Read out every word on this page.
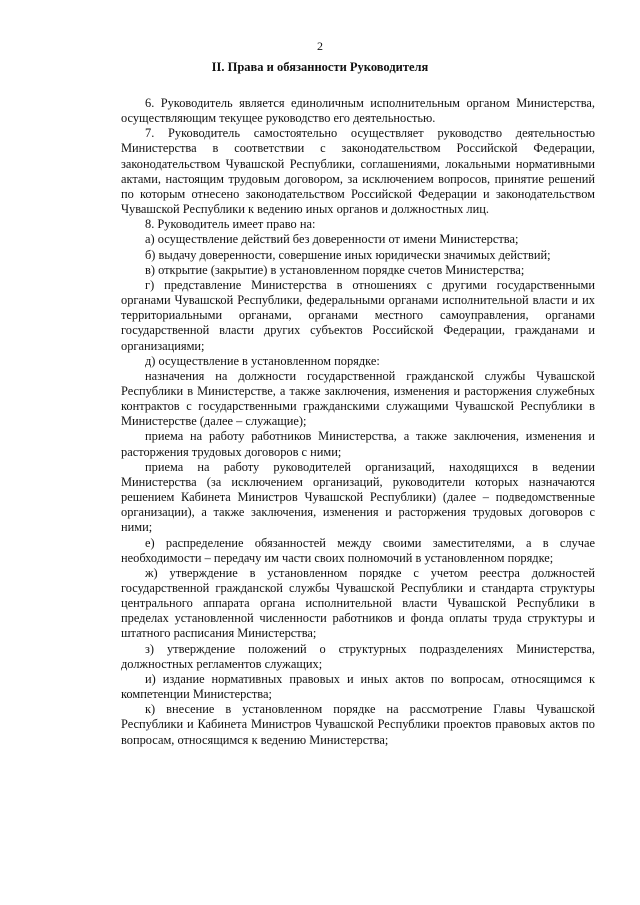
2
II. Права и обязанности Руководителя

6. Руководитель является единоличным исполнительным органом Министерства, осуществляющим текущее руководство его деятельностью.

7. Руководитель самостоятельно осуществляет руководство деятельностью Министерства в соответствии с законодательством Российской Федерации, законодательством Чувашской Республики, соглашениями, локальными нормативными актами, настоящим трудовым договором, за исключением вопросов, принятие решений по которым отнесено законодательством Российской Федерации и законодательством Чувашской Республики к ведению иных органов и должностных лиц.

8. Руководитель имеет право на:

а) осуществление действий без доверенности от имени Министерства;

б) выдачу доверенности, совершение иных юридически значимых действий;

в) открытие (закрытие) в установленном порядке счетов Министерства;

г) представление Министерства в отношениях с другими государственными органами Чувашской Республики, федеральными органами исполнительной власти и их территориальными органами, органами местного самоуправления, органами государственной власти других субъектов Российской Федерации, гражданами и организациями;

д) осуществление в установленном порядке:

назначения на должности государственной гражданской службы Чувашской Республики в Министерстве, а также заключения, изменения и расторжения служебных контрактов с государственными гражданскими служащими Чувашской Республики в Министерстве (далее – служащие);

приема на работу работников Министерства, а также заключения, изменения и расторжения трудовых договоров с ними;

приема на работу руководителей организаций, находящихся в ведении Министерства (за исключением организаций, руководители которых назначаются решением Кабинета Министров Чувашской Республики) (далее – подведомственные организации), а также заключения, изменения и расторжения трудовых договоров с ними;

е) распределение обязанностей между своими заместителями, а в случае необходимости – передачу им части своих полномочий в установленном порядке;

ж) утверждение в установленном порядке с учетом реестра должностей государственной гражданской службы Чувашской Республики и стандарта структуры центрального аппарата органа исполнительной власти Чувашской Республики в пределах установленной численности работников и фонда оплаты труда структуры и штатного расписания Министерства;

з) утверждение положений о структурных подразделениях Министерства, должностных регламентов служащих;

и) издание нормативных правовых и иных актов по вопросам, относящимся к компетенции Министерства;

к) внесение в установленном порядке на рассмотрение Главы Чувашской Республики и Кабинета Министров Чувашской Республики проектов правовых актов по вопросам, относящимся к ведению Министерства;
